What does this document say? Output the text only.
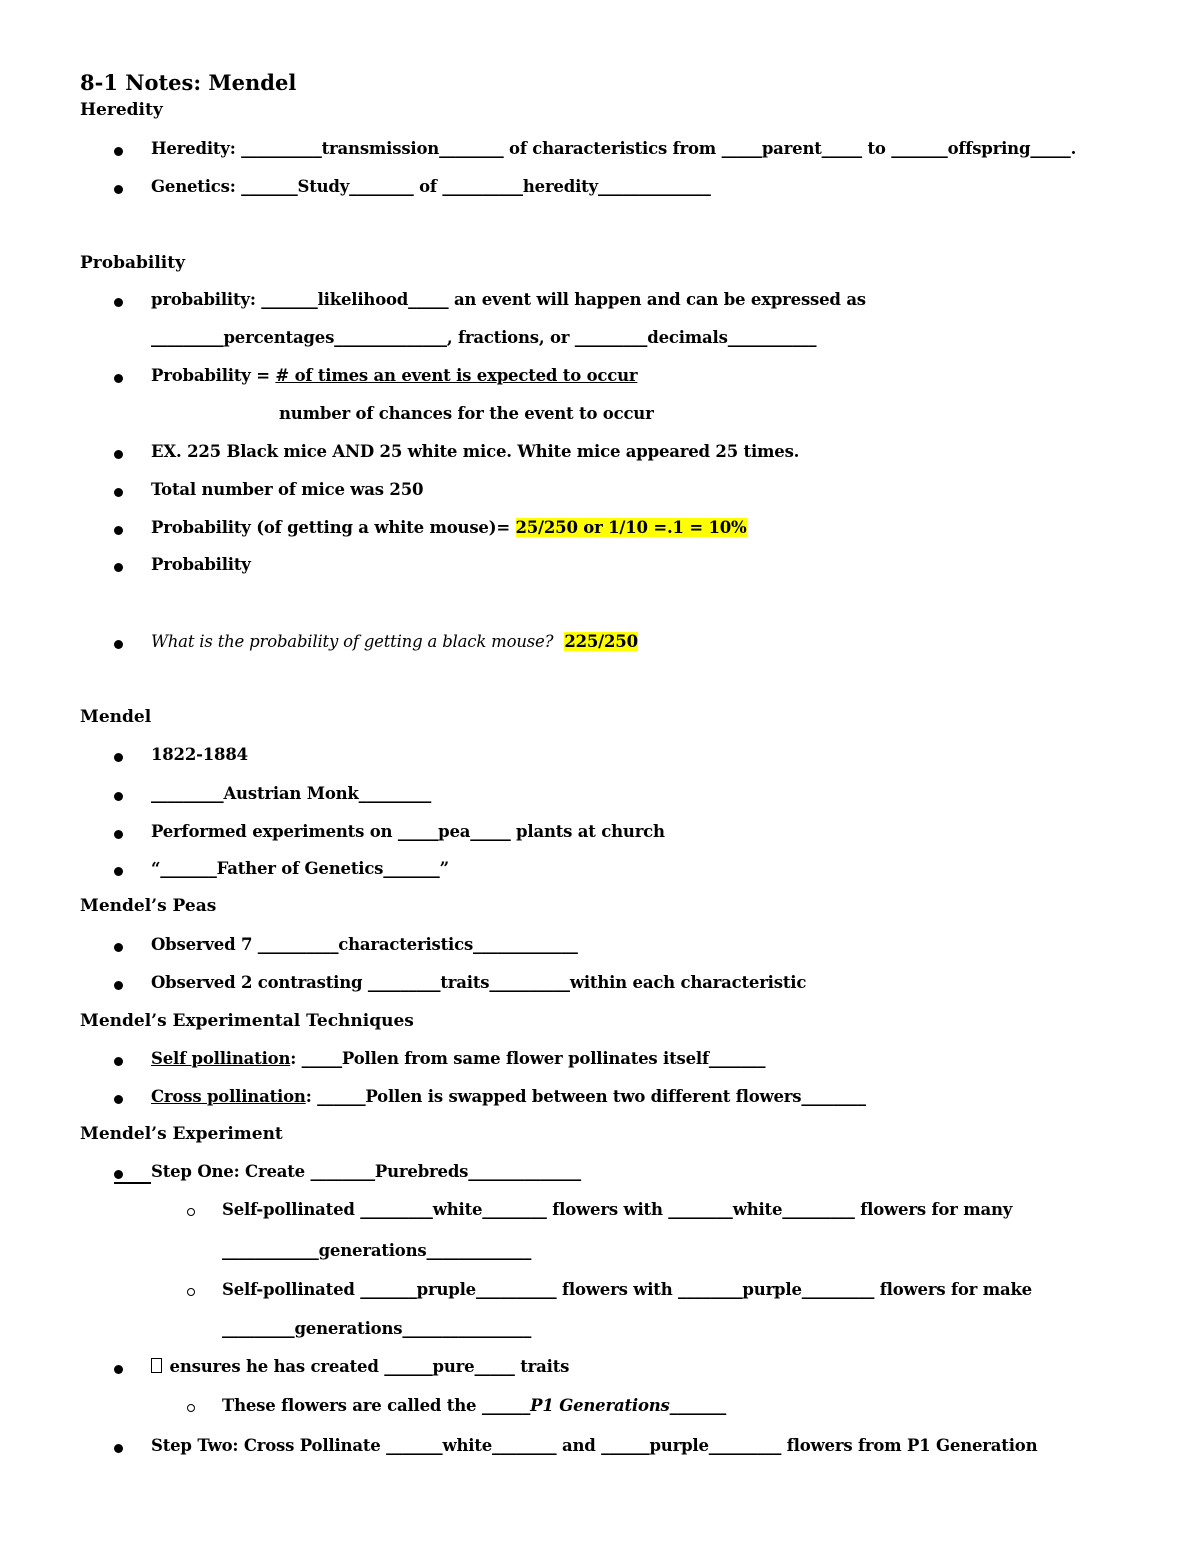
8-1 Notes: Mendel
Heredity
Heredity: __________transmission________ of characteristics from _____parent_____ to _______offspring_____.
Genetics: _______Study________ of __________heredity______________
Probability
probability: _______likelihood_____ an event will happen and can be expressed as
_________percentages______________, fractions, or _________decimals___________
Probability = # of times an event is expected to occur
number of chances for the event to occur
EX. 225 Black mice AND 25 white mice. White mice appeared 25 times.
Total number of mice was 250
Probability (of getting a white mouse)= 25/250 or 1/10 =.1 = 10%
Probability
What is the probability of getting a black mouse? 225/250
Mendel
1822-1884
_________Austrian Monk_________
Performed experiments on _____pea_____ plants at church
“_______Father of Genetics_______”
Mendel’s Peas
Observed 7 __________characteristics_____________
Observed 2 contrasting _________traits__________within each characteristic
Mendel’s Experimental Techniques
Self pollination: _____Pollen from same flower pollinates itself_______
Cross pollination: ______Pollen is swapped between two different flowers________
Mendel’s Experiment
Step One: Create ________Purebreds______________
Self-pollinated _________white________ flowers with ________white_________ flowers for many
____________generations_____________
Self-pollinated _______pruple__________ flowers with ________purple_________ flowers for make
_________generations________________
ensures he has created ______pure_____ traits
These flowers are called the ______P1 Generations_______
Step Two: Cross Pollinate _______white________ and ______purple_________ flowers from P1 Generation
